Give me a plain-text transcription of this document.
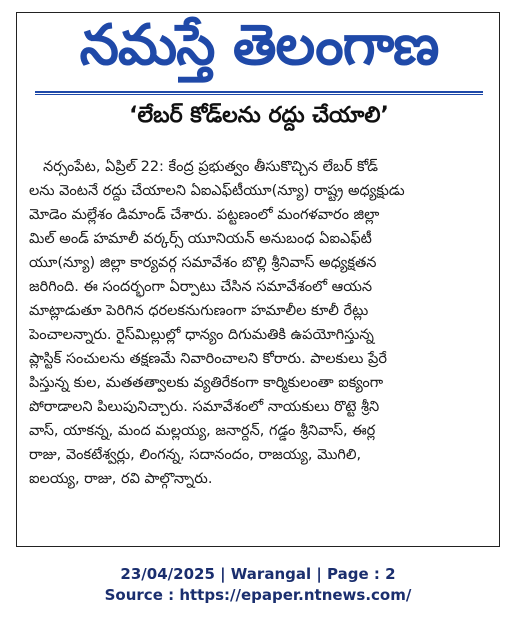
నమస్తే తెలంగాణ
‘లేబర్ కోడ్‌లను రద్దు చేయాలి’

నర్సంపేట, ఏప్రిల్ 22: కేంద్ర ప్రభుత్వం తీసుకొచ్చిన లేబర్ కోడ్

లను వెంటనే రద్దు చేయాలని ఏఐఎఫ్‌టీయూ(న్యూ) రాష్ట్ర అధ్యక్షుడు

మోడెం మల్లేశం డిమాండ్ చేశారు. పట్టణంలో మంగళవారం జిల్లా

మిల్ అండ్ హమాలీ వర్కర్స్ యూనియన్ అనుబంధ ఏఐఎఫ్‌టీ

యూ(న్యూ) జిల్లా కార్యవర్గ సమావేశం బొల్లి శ్రీనివాస్ అధ్యక్షతన

జరిగింది. ఈ సందర్భంగా ఏర్పాటు చేసిన సమావేశంలో ఆయన

మాట్లాడుతూ పెరిగిన ధరలకనుగుణంగా హమాలీల కూలీ రేట్లు

పెంచాలన్నారు. రైస్‌మిల్లుల్లో ధాన్యం దిగుమతికి ఉపయోగిస్తున్న

ప్లాస్టిక్ సంచులను తక్షణమే నివారించాలని కోరారు. పాలకులు ప్రేరే

పిస్తున్న కుల, మతతత్వాలకు వ్యతిరేకంగా కార్మికులంతా ఐక్యంగా

పోరాడాలని పిలుపునిచ్చారు. సమావేశంలో నాయకులు రొట్టె శ్రీని

వాస్, యాకన్న, మంద మల్లయ్య, జనార్దన్, గడ్డం శ్రీనివాస్, ఈర్ల

రాజు, వెంకటేశ్వర్లు, లింగన్న, సదానందం, రాజయ్య, మొగిలి,

ఐలయ్య, రాజు, రవి పాల్గొన్నారు.

23/04/2025 | Warangal | Page : 2
Source : https://epaper.ntnews.com/
